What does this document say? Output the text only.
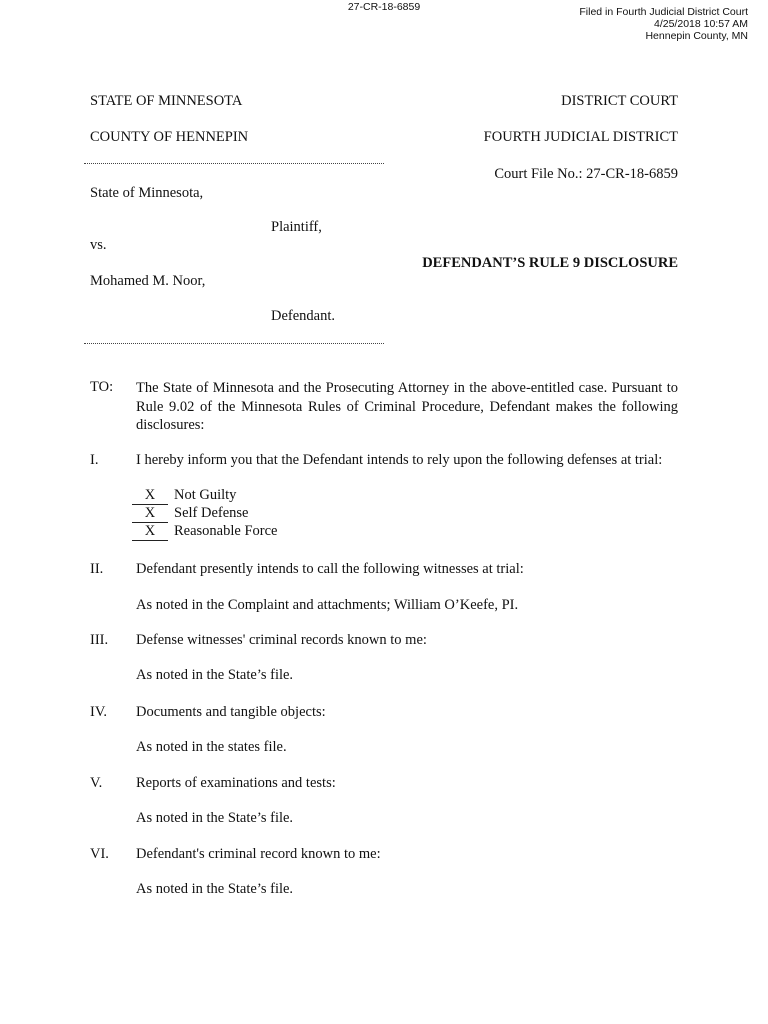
27-CR-18-6859	Filed in Fourth Judicial District Court
4/25/2018 10:57 AM
Hennepin County, MN
STATE OF MINNESOTA	DISTRICT COURT
COUNTY OF HENNEPIN	FOURTH JUDICIAL DISTRICT
Court File No.: 27-CR-18-6859
State of Minnesota,
Plaintiff,
vs.
DEFENDANT’S RULE 9 DISCLOSURE
Mohamed M. Noor,
Defendant.
TO: The State of Minnesota and the Prosecuting Attorney in the above-entitled case. Pursuant to Rule 9.02 of the Minnesota Rules of Criminal Procedure, Defendant makes the following disclosures:
I.	I hereby inform you that the Defendant intends to rely upon the following defenses at trial:
X	Not Guilty
X	Self Defense
X	Reasonable Force
II. Defendant presently intends to call the following witnesses at trial:
As noted in the Complaint and attachments; William O’Keefe, PI.
III. Defense witnesses' criminal records known to me:
As noted in the State’s file.
IV. Documents and tangible objects:
As noted in the states file.
V. Reports of examinations and tests:
As noted in the State’s file.
VI. Defendant's criminal record known to me:
As noted in the State’s file.
